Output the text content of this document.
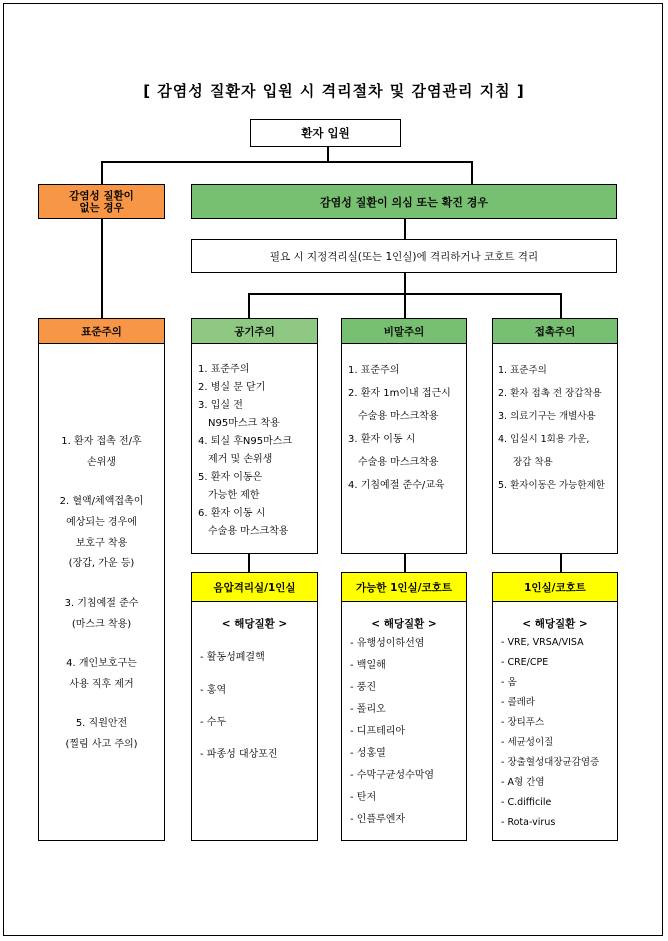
[ 감염성 질환자 입원 시 격리절차 및 감염관리 지침 ]
환자 입원
감염성 질환이
없는 경우	감염성 질환이 의심 또는 확진 경우
필요 시 지정격리실(또는 1인실)에 격리하거나 코호트 격리
표준주의
1. 환자 접촉 전/후
손위생
2. 혈액/체액접촉이
예상되는 경우에
보호구 착용
(장갑, 가운 등)
3. 기침예절 준수
(마스크 착용)
4. 개인보호구는
사용 직후 제거
5. 직원안전
(찔림 사고 주의)
공기주의
1. 표준주의
2. 병실 문 닫기
3. 입실 전
N95마스크 착용
4. 퇴실 후N95마스크
제거 및 손위생
5. 환자 이동은
가능한 제한
6. 환자 이동 시
수술용 마스크착용
음압격리실/1인실
< 해당질환 >
- 활동성폐결핵
- 홍역
- 수두
- 파종성 대상포진
비말주의
1. 표준주의
2. 환자 1m이내 접근시
수술용 마스크착용
3. 환자 이동 시
수술용 마스크착용
4. 기침예절 준수/교육
가능한 1인실/코호트
< 해당질환 >
- 유행성이하선염
- 백일해
- 풍진
- 폴리오
- 디프테리아
- 성홍열
- 수막구균성수막염
- 탄저
- 인플루엔자
접촉주의
1. 표준주의
2. 환자 접촉 전 장갑착용
3. 의료기구는 개별사용
4. 입실시 1회용 가운,
장갑 착용
5. 환자이동은 가능한제한
1인실/코호트
< 해당질환 >
- VRE, VRSA/VISA
- CRE/CPE
- 옴
- 콜레라
- 장티푸스
- 세균성이질
- 장출혈성대장균감염증
- A형 간염
- C.difficile
- Rota-virus
